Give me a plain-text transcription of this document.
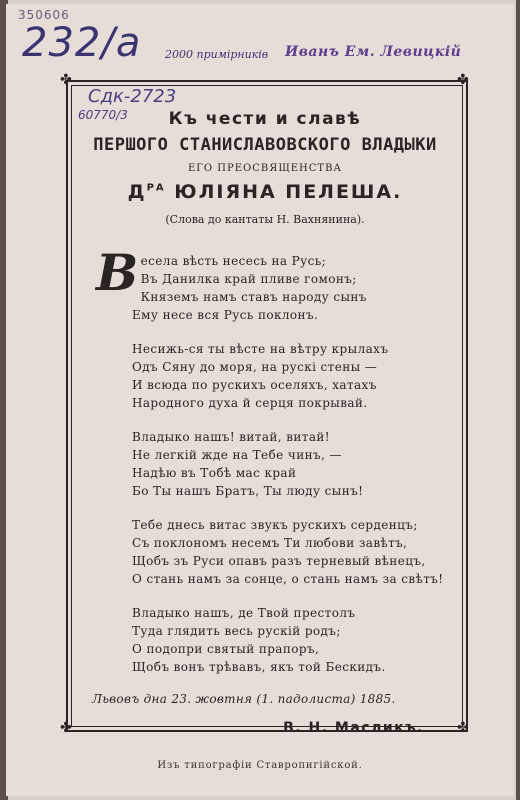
350606
232/а 2000 примірників Иванъ Ем. Левицкій
Сдк-2723
60770/3
✤	✤
✤	✤
Къ чести и славѣ
ПЕРШОГО СТАНИСЛАВОВСКОГО ВЛАДЫКИ
ЕГО ПРЕОСВЯЩЕНСТВА
$Д^{РА}$ ЮЛІЯНА ПЕЛЕША.
(Слова до кантаты Н. Вахнянина).
В есела вѣсть несесь на Русь;
Въ Данилка край пливе гомонъ;
Княземъ намъ ставъ народу сынъ
Ему несе вся Русь поклонъ.
Несижь-ся ты вѣсте на вѣтру крылахъ
Одъ Сяну до моря, на рускі стены —
И всюда по рускихъ оселяхъ, хатахъ
Народного духа й серця покрывай.
Владыко нашъ! витай, витай!
Не легкій жде на Тебе чинъ, —
Надѣю въ Тобѣ мас край
Бо Ты нашъ Братъ, Ты люду сынъ!
Тебе днесь витас звукъ рускихъ серденцъ;
Съ поклономъ несемъ Ти любови завѣтъ,
Щобъ зъ Руси опавъ разъ терневый вѣнецъ,
О стань намъ за сонце, о стань намъ за свѣтъ!
Владыко нашъ, де Твой престолъ
Туда глядить весь рускій родъ;
О подопри святый прапоръ,
Щобъ вонъ трѣвавъ, якъ той Бескидъ.
Львовъ дна 23. жовтня (1. падолиста) 1885.
В. Н. Масликъ.
Изъ типографіи Ставропигійской.
